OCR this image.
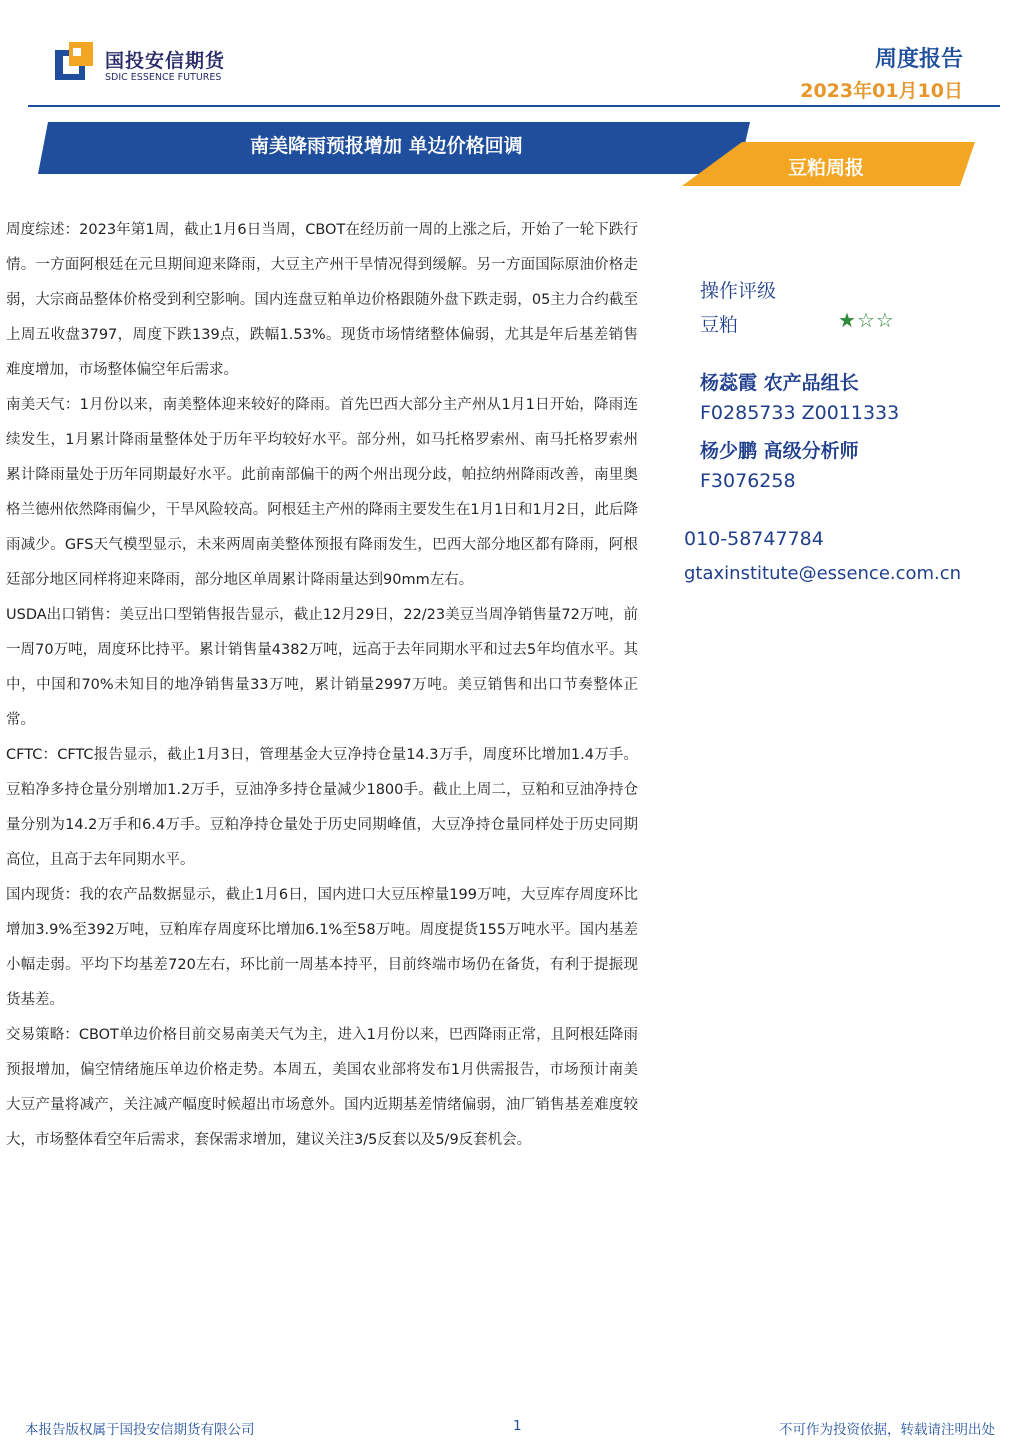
国投安信期货
SDIC ESSENCE FUTURES
周度报告
2023年01月10日
南美降雨预报增加 单边价格回调
豆粕周报

周度综述：2023年第1周，截止1月6日当周，CBOT在经历前一周的上涨之后，开始了一轮下跌行情。一方面阿根廷在元旦期间迎来降雨，大豆主产州干旱情况得到缓解。另一方面国际原油价格走弱，大宗商品整体价格受到利空影响。国内连盘豆粕单边价格跟随外盘下跌走弱，05主力合约截至上周五收盘3797，周度下跌139点，跌幅1.53%。现货市场情绪整体偏弱，尤其是年后基差销售难度增加，市场整体偏空年后需求。

南美天气：1月份以来，南美整体迎来较好的降雨。首先巴西大部分主产州从1月1日开始，降雨连续发生，1月累计降雨量整体处于历年平均较好水平。部分州，如马托格罗索州、南马托格罗索州累计降雨量处于历年同期最好水平。此前南部偏干的两个州出现分歧，帕拉纳州降雨改善，南里奥格兰德州依然降雨偏少，干旱风险较高。阿根廷主产州的降雨主要发生在1月1日和1月2日，此后降雨减少。GFS天气模型显示，未来两周南美整体预报有降雨发生，巴西大部分地区都有降雨，阿根廷部分地区同样将迎来降雨，部分地区单周累计降雨量达到90mm左右。

USDA出口销售：美豆出口型销售报告显示，截止12月29日，22/23美豆当周净销售量72万吨，前一周70万吨，周度环比持平。累计销售量4382万吨，远高于去年同期水平和过去5年均值水平。其中，中国和70%未知目的地净销售量33万吨，累计销量2997万吨。美豆销售和出口节奏整体正常。

CFTC：CFTC报告显示，截止1月3日，管理基金大豆净持仓量14.3万手，周度环比增加1.4万手。豆粕净多持仓量分别增加1.2万手，豆油净多持仓量减少1800手。截止上周二，豆粕和豆油净持仓量分别为14.2万手和6.4万手。豆粕净持仓量处于历史同期峰值，大豆净持仓量同样处于历史同期高位，且高于去年同期水平。

国内现货：我的农产品数据显示，截止1月6日，国内进口大豆压榨量199万吨，大豆库存周度环比增加3.9%至392万吨，豆粕库存周度环比增加6.1%至58万吨。周度提货155万吨水平。国内基差小幅走弱。平均下均基差720左右，环比前一周基本持平，目前终端市场仍在备货，有利于提振现货基差。

交易策略：CBOT单边价格目前交易南美天气为主，进入1月份以来，巴西降雨正常，且阿根廷降雨预报增加，偏空情绪施压单边价格走势。本周五，美国农业部将发布1月供需报告，市场预计南美大豆产量将减产，关注减产幅度时候超出市场意外。国内近期基差情绪偏弱，油厂销售基差难度较大，市场整体看空年后需求，套保需求增加，建议关注3/5反套以及5/9反套机会。

操作评级
豆粕	★☆☆
杨蕊霞 农产品组长
F0285733 Z0011333
杨少鹏 高级分析师
F3076258
010-58747784
gtaxinstitute@essence.com.cn
本报告版权属于国投安信期货有限公司	1	不可作为投资依据，转载请注明出处
